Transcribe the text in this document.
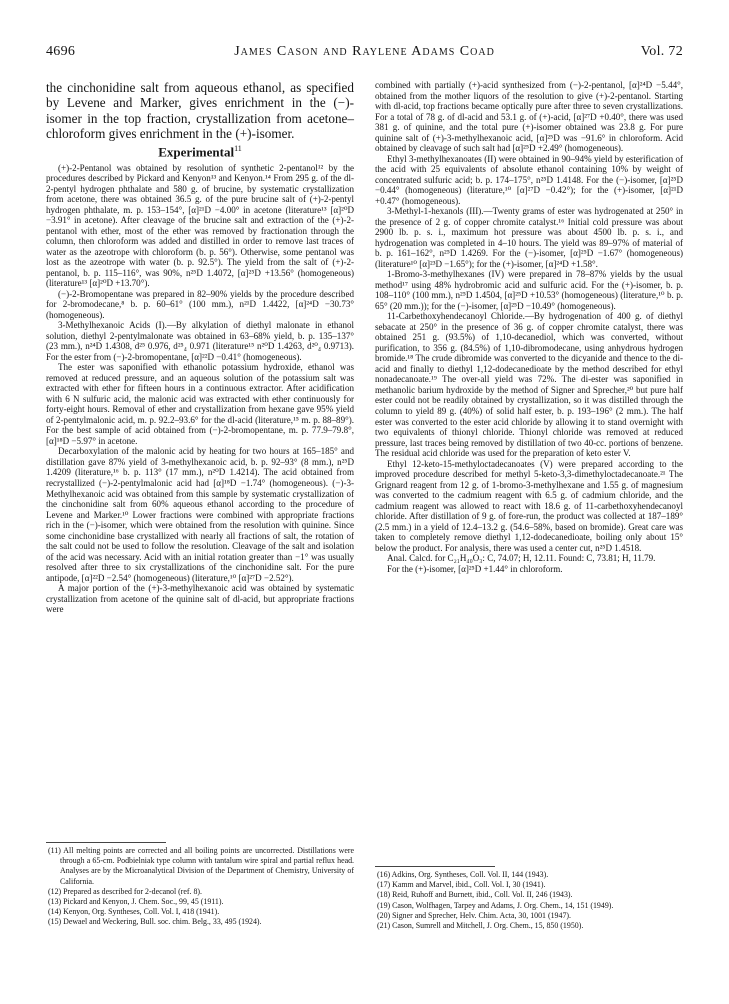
4696	James Cason and Raylene Adams Coad	Vol. 72
the cinchonidine salt from aqueous ethanol, as specified by Levene and Marker, gives enrichment in the (−)-isomer in the top fraction, crystallization from acetone–chloroform gives enrichment in the (+)-isomer.
Experimental$^{11}$

(+)-2-Pentanol was obtained by resolution of synthetic 2-pentanol¹² by the procedures described by Pickard and Kenyon¹³ and Kenyon.¹⁴ From 295 g. of the dl-2-pentyl hydrogen phthalate and 580 g. of brucine, by systematic crystallization from acetone, there was obtained 36.5 g. of the pure brucine salt of (+)-2-pentyl hydrogen phthalate, m. p. 153–154°, [α]²¹D −4.00° in acetone (literature¹³ [α]²⁰D −3.91° in acetone). After cleavage of the brucine salt and extraction of the (+)-2-pentanol with ether, most of the ether was removed by fractionation through the column, then chloroform was added and distilled in order to remove last traces of water as the azeotrope with chloroform (b. p. 56°). Otherwise, some pentanol was lost as the azeotrope with water (b. p. 92.5°). The yield from the salt of (+)-2-pentanol, b. p. 115–116°, was 90%, n²⁵D 1.4072, [α]²⁵D +13.56° (homogeneous) (literature¹³ [α]²⁰D +13.70°).

(−)-2-Bromopentane was prepared in 82–90% yields by the procedure described for 2-bromodecane,⁸ b. p. 60–61° (100 mm.), n²¹D 1.4422, [α]²⁴D −30.73° (homogeneous).

3-Methylhexanoic Acids (I).—By alkylation of diethyl malonate in ethanol solution, diethyl 2-pentylmalonate was obtained in 63–68% yield, b. p. 135–137° (23 mm.), n²⁴D 1.4308, d²⁵ 0.976, d²⁵₄ 0.971 (literature¹⁵ n²⁰D 1.4263, d²⁰₄ 0.9713). For the ester from (−)-2-bromopentane, [α]²²D −0.41° (homogeneous).

The ester was saponified with ethanolic potassium hydroxide, ethanol was removed at reduced pressure, and an aqueous solution of the potassium salt was extracted with ether for fifteen hours in a continuous extractor. After acidification with 6 N sulfuric acid, the malonic acid was extracted with ether continuously for forty-eight hours. Removal of ether and crystallization from hexane gave 95% yield of 2-pentylmalonic acid, m. p. 92.2–93.6° for the dl-acid (literature,¹⁵ m. p. 88–89°). For the best sample of acid obtained from (−)-2-bromopentane, m. p. 77.9–79.8°, [α]¹⁸D −5.97° in acetone.

Decarboxylation of the malonic acid by heating for two hours at 165–185° and distillation gave 87% yield of 3-methylhexanoic acid, b. p. 92–93° (8 mm.), n²⁵D 1.4209 (literature,¹⁶ b. p. 113° (17 mm.), n²⁰D 1.4214). The acid obtained from recrystallized (−)-2-pentylmalonic acid had [α]¹⁸D −1.74° (homogeneous). (−)-3-Methylhexanoic acid was obtained from this sample by systematic crystallization of the cinchonidine salt from 60% aqueous ethanol according to the procedure of Levene and Marker.¹⁰ Lower fractions were combined with appropriate fractions rich in the (−)-isomer, which were obtained from the resolution with quinine. Since some cinchonidine base crystallized with nearly all fractions of salt, the rotation of the salt could not be used to follow the resolution. Cleavage of the salt and isolation of the acid was necessary. Acid with an initial rotation greater than −1° was usually resolved after three to six crystallizations of the cinchonidine salt. For the pure antipode, [α]²²D −2.54° (homogeneous) (literature,¹⁰ [α]²⁷D −2.52°).

A major portion of the (+)-3-methylhexanoic acid was obtained by systematic crystallization from acetone of the quinine salt of dl-acid, but appropriate fractions were

(11) All melting points are corrected and all boiling points are uncorrected. Distillations were through a 65-cm. Podbielniak type column with tantalum wire spiral and partial reflux head. Analyses are by the Microanalytical Division of the Department of Chemistry, University of California.

(12) Prepared as described for 2-decanol (ref. 8).

(13) Pickard and Kenyon, J. Chem. Soc., 99, 45 (1911).

(14) Kenyon, Org. Syntheses, Coll. Vol. I, 418 (1941).

(15) Dewael and Weckering, Bull. soc. chim. Belg., 33, 495 (1924).

combined with partially (+)-acid synthesized from (−)-2-pentanol, [α]²⁴D −5.44°, obtained from the mother liquors of the resolution to give (+)-2-pentanol. Starting with dl-acid, top fractions became optically pure after three to seven crystallizations. For a total of 78 g. of dl-acid and 53.1 g. of (+)-acid, [α]²⁷D +0.40°, there was used 381 g. of quinine, and the total pure (+)-isomer obtained was 23.8 g. For pure quinine salt of (+)-3-methylhexanoic acid, [α]²⁵D was −91.6° in chloroform. Acid obtained by cleavage of such salt had [α]²⁵D +2.49° (homogeneous).

Ethyl 3-methylhexanoates (II) were obtained in 90–94% yield by esterification of the acid with 25 equivalents of absolute ethanol containing 10% by weight of concentrated sulfuric acid; b. p. 174–175°, n²⁵D 1.4148. For the (−)-isomer, [α]²⁵D −0.44° (homogeneous) (literature,¹⁰ [α]²⁷D −0.42°); for the (+)-isomer, [α]²¹D +0.47° (homogeneous).

3-Methyl-1-hexanols (III).—Twenty grams of ester was hydrogenated at 250° in the presence of 2 g. of copper chromite catalyst.¹⁶ Initial cold pressure was about 2900 lb. p. s. i., maximum hot pressure was about 4500 lb. p. s. i., and hydrogenation was completed in 4–10 hours. The yield was 89–97% of material of b. p. 161–162°, n²⁵D 1.4269. For the (−)-isomer, [α]²⁵D −1.67° (homogeneous) (literature¹⁰ [α]²³D −1.65°); for the (+)-isomer, [α]²⁴D +1.58°.

1-Bromo-3-methylhexanes (IV) were prepared in 78–87% yields by the usual method¹⁷ using 48% hydrobromic acid and sulfuric acid. For the (+)-isomer, b. p. 108–110° (100 mm.), n²⁵D 1.4504, [α]²⁵D +10.53° (homogeneous) (literature,¹⁰ b. p. 65° (20 mm.)); for the (−)-isomer, [α]²⁵D −10.49° (homogeneous).

11-Carbethoxyhendecanoyl Chloride.—By hydrogenation of 400 g. of diethyl sebacate at 250° in the presence of 36 g. of copper chromite catalyst, there was obtained 251 g. (93.5%) of 1,10-decanediol, which was converted, without purification, to 356 g. (84.5%) of 1,10-dibromodecane, using anhydrous hydrogen bromide.¹⁸ The crude dibromide was converted to the dicyanide and thence to the di-acid and finally to diethyl 1,12-dodecanedioate by the method described for ethyl nonadecanoate.¹⁹ The over-all yield was 72%. The di-ester was saponified in methanolic barium hydroxide by the method of Signer and Sprecher,²⁰ but pure half ester could not be readily obtained by crystallization, so it was distilled through the column to yield 89 g. (40%) of solid half ester, b. p. 193–196° (2 mm.). The half ester was converted to the ester acid chloride by allowing it to stand overnight with two equivalents of thionyl chloride. Thionyl chloride was removed at reduced pressure, last traces being removed by distillation of two 40-cc. portions of benzene. The residual acid chloride was used for the preparation of keto ester V.

Ethyl 12-keto-15-methyloctadecanoates (V) were prepared according to the improved procedure described for methyl 5-keto-3,3-dimethyloctadecanoate.²¹ The Grignard reagent from 12 g. of 1-bromo-3-methylhexane and 1.55 g. of magnesium was converted to the cadmium reagent with 6.5 g. of cadmium chloride, and the cadmium reagent was allowed to react with 18.6 g. of 11-carbethoxyhendecanoyl chloride. After distillation of 9 g. of fore-run, the product was collected at 187–189° (2.5 mm.) in a yield of 12.4–13.2 g. (54.6–58%, based on bromide). Great care was taken to completely remove diethyl 1,12-dodecanedioate, boiling only about 15° below the product. For analysis, there was used a center cut, n²⁵D 1.4518.

Anal. Calcd. for C₂₁H₄₀O₃: C, 74.07; H, 12.11. Found: C, 73.81; H, 11.79.

For the (+)-isomer, [α]²⁵D +1.44° in chloroform.

(16) Adkins, Org. Syntheses, Coll. Vol. II, 144 (1943).

(17) Kamm and Marvel, ibid., Coll. Vol. I, 30 (1941).

(18) Reid, Ruhoff and Burnett, ibid., Coll. Vol. II, 246 (1943).

(19) Cason, Wolfhagen, Tarpey and Adams, J. Org. Chem., 14, 151 (1949).

(20) Signer and Sprecher, Helv. Chim. Acta, 30, 1001 (1947).

(21) Cason, Sumrell and Mitchell, J. Org. Chem., 15, 850 (1950).
